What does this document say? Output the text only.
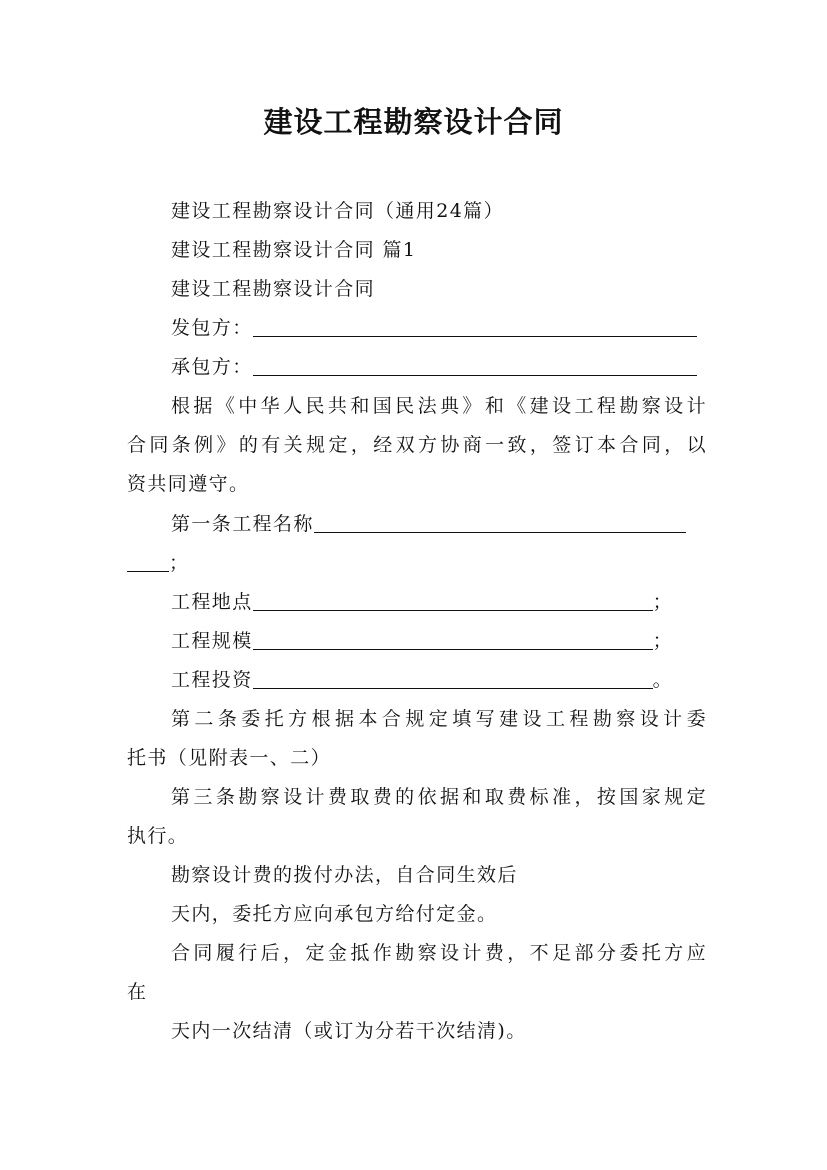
建设工程勘察设计合同
建设工程勘察设计合同（通用24篇）
建设工程勘察设计合同 篇1
建设工程勘察设计合同
发包方：
承包方：
根据《中华人民共和国民法典》和《建设工程勘察设计
合同条例》的有关规定，经双方协商一致，签订本合同，以
资共同遵守。
第一条工程名称
；
工程地点	；
工程规模	；
工程投资	。
第二条委托方根据本合规定填写建设工程勘察设计委
托书（见附表一、二）
第三条勘察设计费取费的依据和取费标准，按国家规定
执行。
勘察设计费的拨付办法，自合同生效后
天内，委托方应向承包方给付定金。
合同履行后，定金抵作勘察设计费，不足部分委托方应
在
天内一次结清（或订为分若干次结清)。
